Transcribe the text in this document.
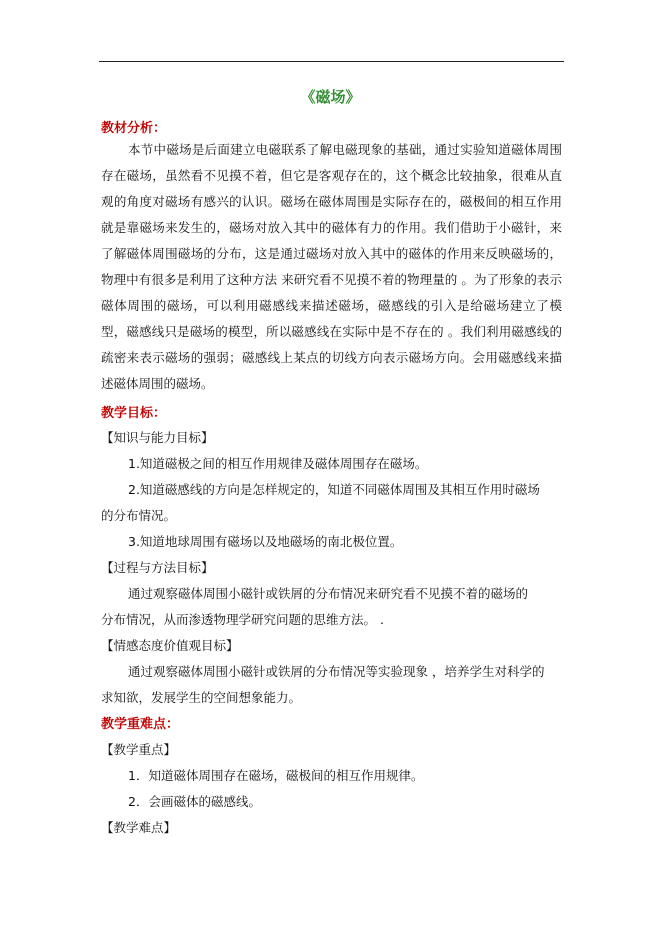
《磁场》
教材分析：
本节中磁场是后面建立电磁联系了解电磁现象的基础，通过实验知道磁体周围存在磁场，虽然看不见摸不着，但它是客观存在的，这个概念比较抽象，很难从直观的角度对磁场有感兴的认识。磁场在磁体周围是实际存在的，磁极间的相互作用就是靠磁场来发生的，磁场对放入其中的磁体有力的作用。我们借助于小磁针，来了解磁体周围磁场的分布，这是通过磁场对放入其中的磁体的作用来反映磁场的，物理中有很多是利用了这种方法 来研究看不见摸不着的物理量的 。为了形象的表示磁体周围的磁场，可以利用磁感线来描述磁场，磁感线的引入是给磁场建立了模型，磁感线只是磁场的模型，所以磁感线在实际中是不存在的 。我们利用磁感线的疏密来表示磁场的强弱；磁感线上某点的切线方向表示磁场方向。会用磁感线来描述磁体周围的磁场。
教学目标：
【知识与能力目标】
1.知道磁极之间的相互作用规律及磁体周围存在磁场。
2.知道磁感线的方向是怎样规定的，知道不同磁体周围及其相互作用时磁场
的分布情况。
3.知道地球周围有磁场以及地磁场的南北极位置。
【过程与方法目标】
通过观察磁体周围小磁针或铁屑的分布情况来研究看不见摸不着的磁场的
分布情况，从而渗透物理学研究问题的思维方法。 .
【情感态度价值观目标】
通过观察磁体周围小磁针或铁屑的分布情况等实验现象 ，培养学生对科学的
求知欲，发展学生的空间想象能力。
教学重难点：
【教学重点】
1．知道磁体周围存在磁场，磁极间的相互作用规律。
2．会画磁体的磁感线。
【教学难点】
